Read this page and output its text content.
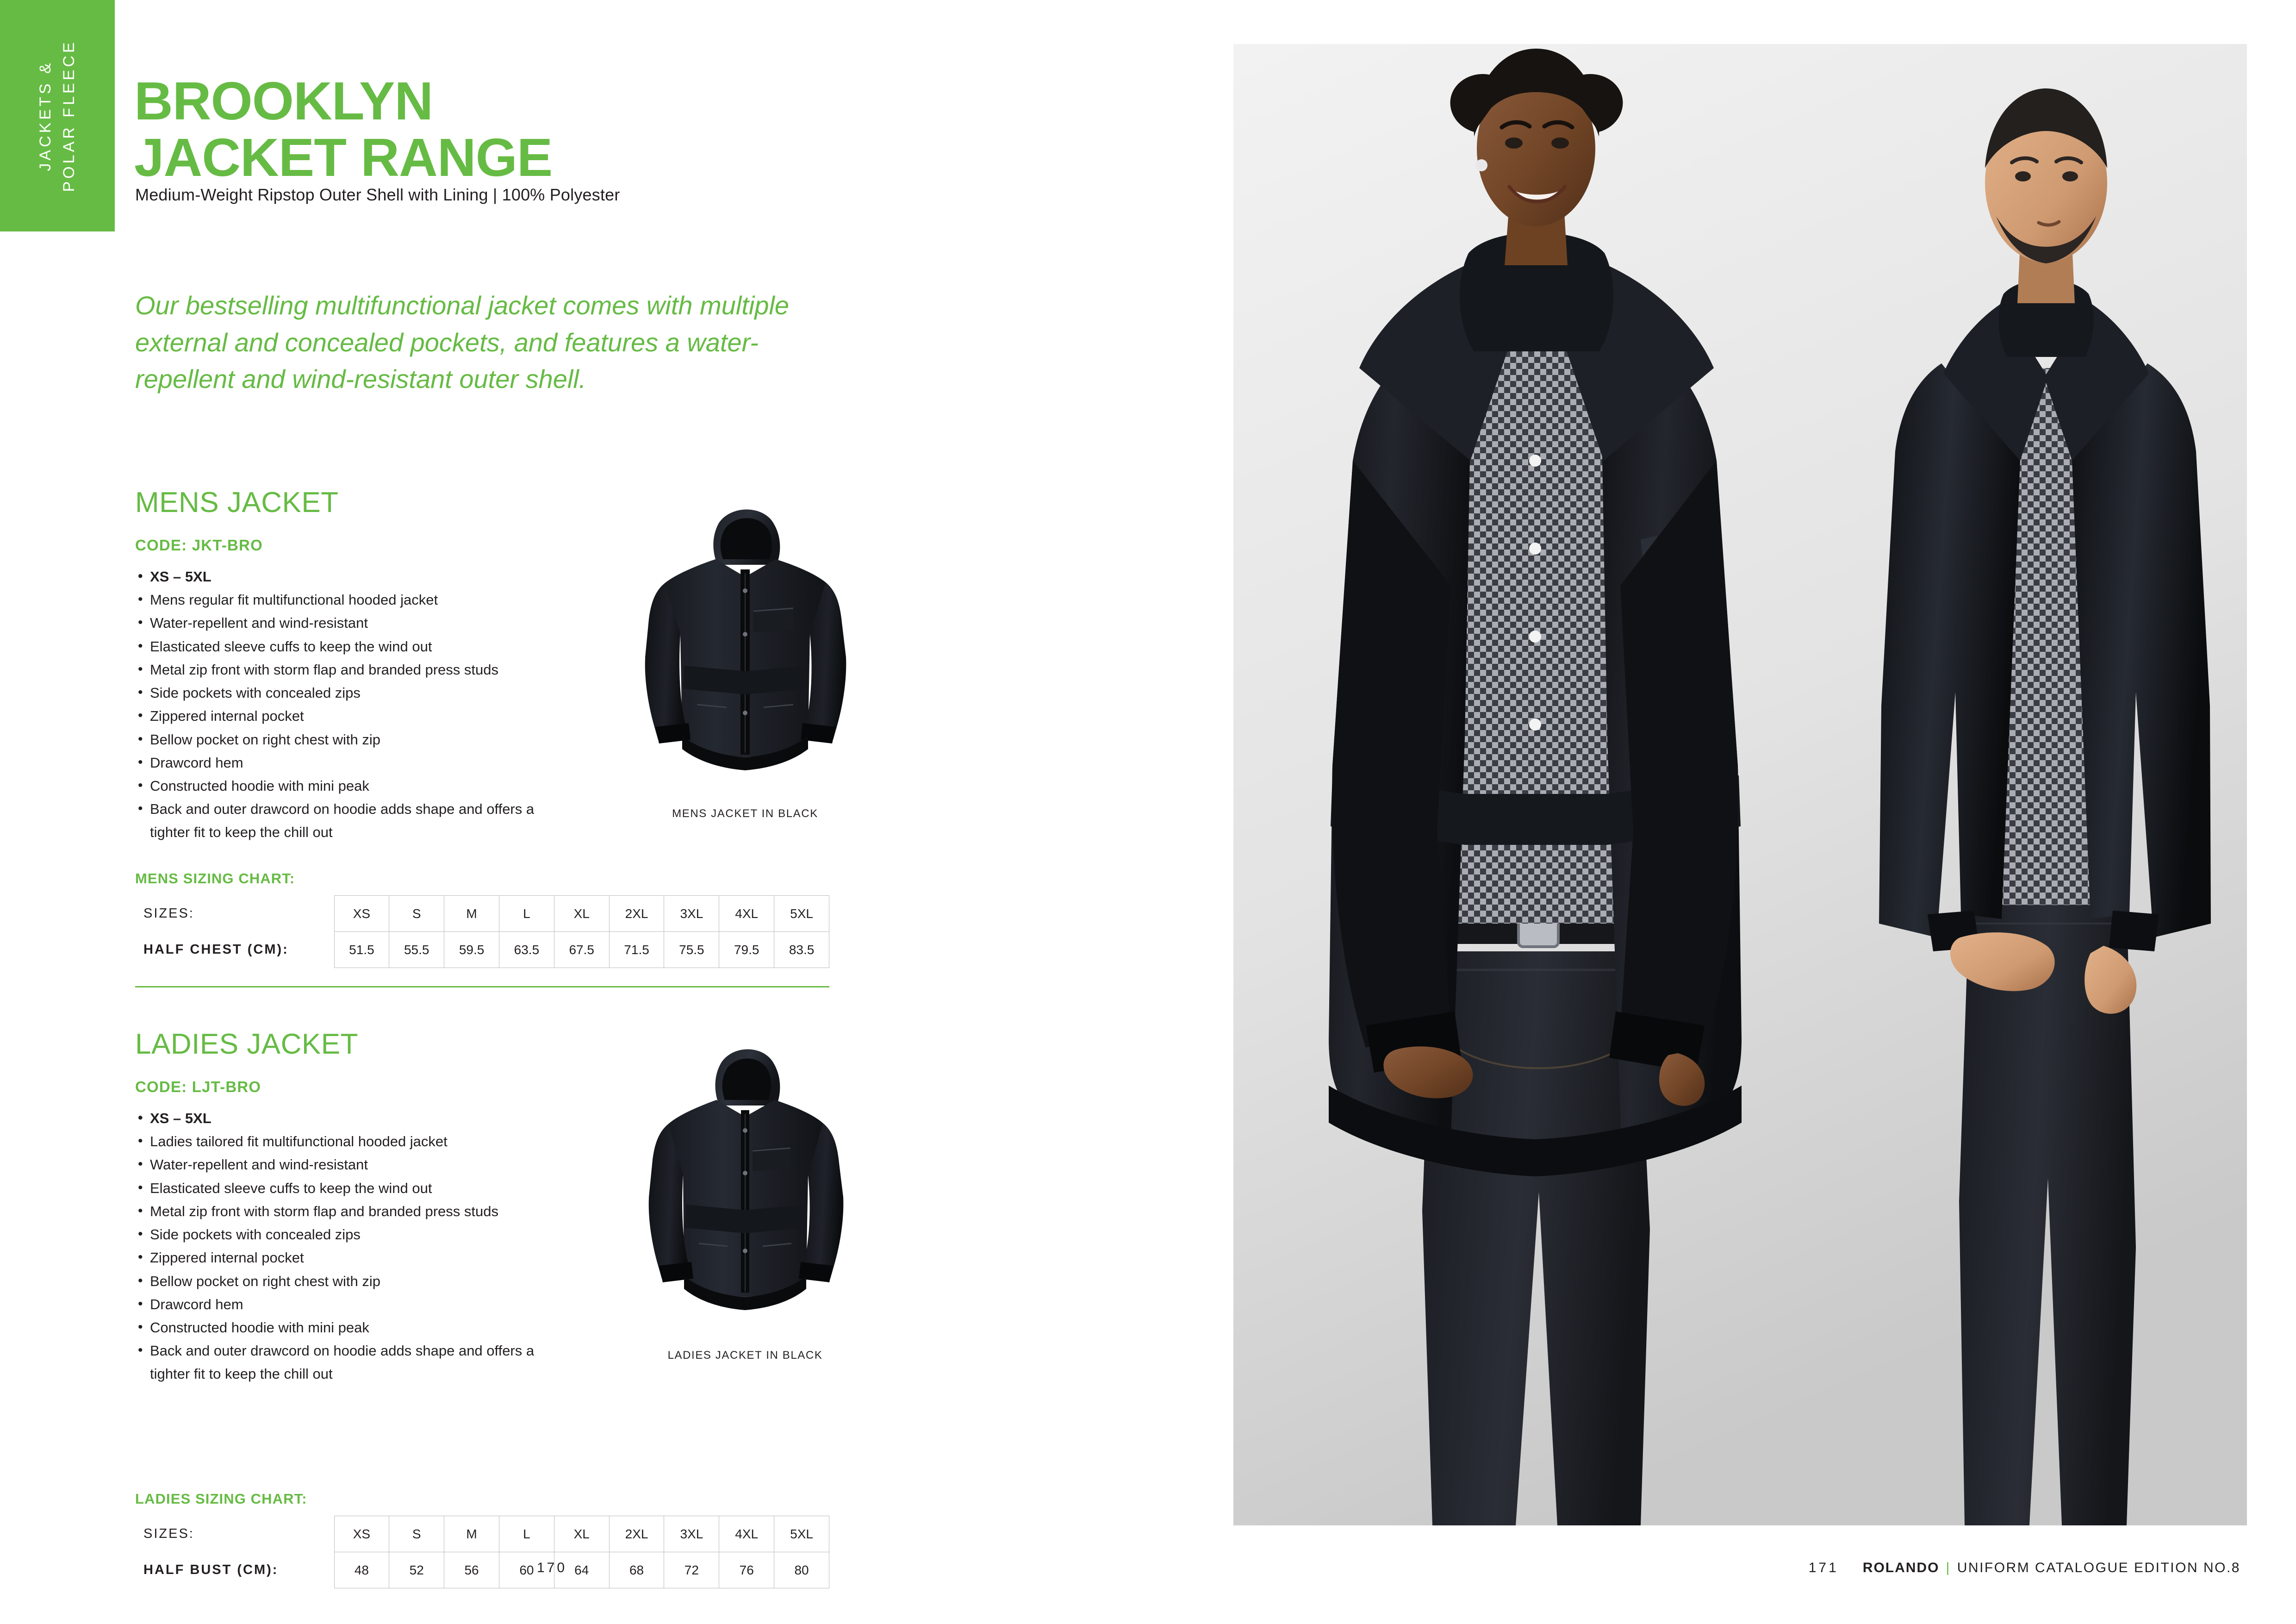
JACKETS & POLAR FLEECE BROOKLYN
JACKET RANGE
Medium-Weight Ripstop Outer Shell with Lining | 100% Polyester
Our bestselling multifunctional jacket comes with multiple external and concealed pockets, and features a water-repellent and wind-resistant outer shell.
MENS JACKET
CODE: JKT-BRO
• XS – 5XL
• Mens regular fit multifunctional hooded jacket
• Water-repellent and wind-resistant
• Elasticated sleeve cuffs to keep the wind out
• Metal zip front with storm flap and branded press studs
• Side pockets with concealed zips
• Zippered internal pocket
• Bellow pocket on right chest with zip
• Drawcord hem
• Constructed hoodie with mini peak
• Back and outer drawcord on hoodie adds shape and offers a tighter fit to keep the chill out
MENS JACKET IN BLACK
MENS SIZING CHART:
SIZES:	XS	S	M	L	XL	2XL	3XL	4XL	5XL
HALF CHEST (CM):	51.5	55.5	59.5	63.5	67.5	71.5	75.5	79.5	83.5
LADIES JACKET
CODE: LJT-BRO
• XS – 5XL
• Ladies tailored fit multifunctional hooded jacket
• Water-repellent and wind-resistant
• Elasticated sleeve cuffs to keep the wind out
• Metal zip front with storm flap and branded press studs
• Side pockets with concealed zips
• Zippered internal pocket
• Bellow pocket on right chest with zip
• Drawcord hem
• Constructed hoodie with mini peak
• Back and outer drawcord on hoodie adds shape and offers a tighter fit to keep the chill out
LADIES JACKET IN BLACK
LADIES SIZING CHART:
SIZES:	XS	S	M	L	XL	2XL	3XL	4XL	5XL
HALF BUST (CM):	48	52	56	60	64	68	72	76	80
170	171 ROLANDO | UNIFORM CATALOGUE EDITION NO.8
